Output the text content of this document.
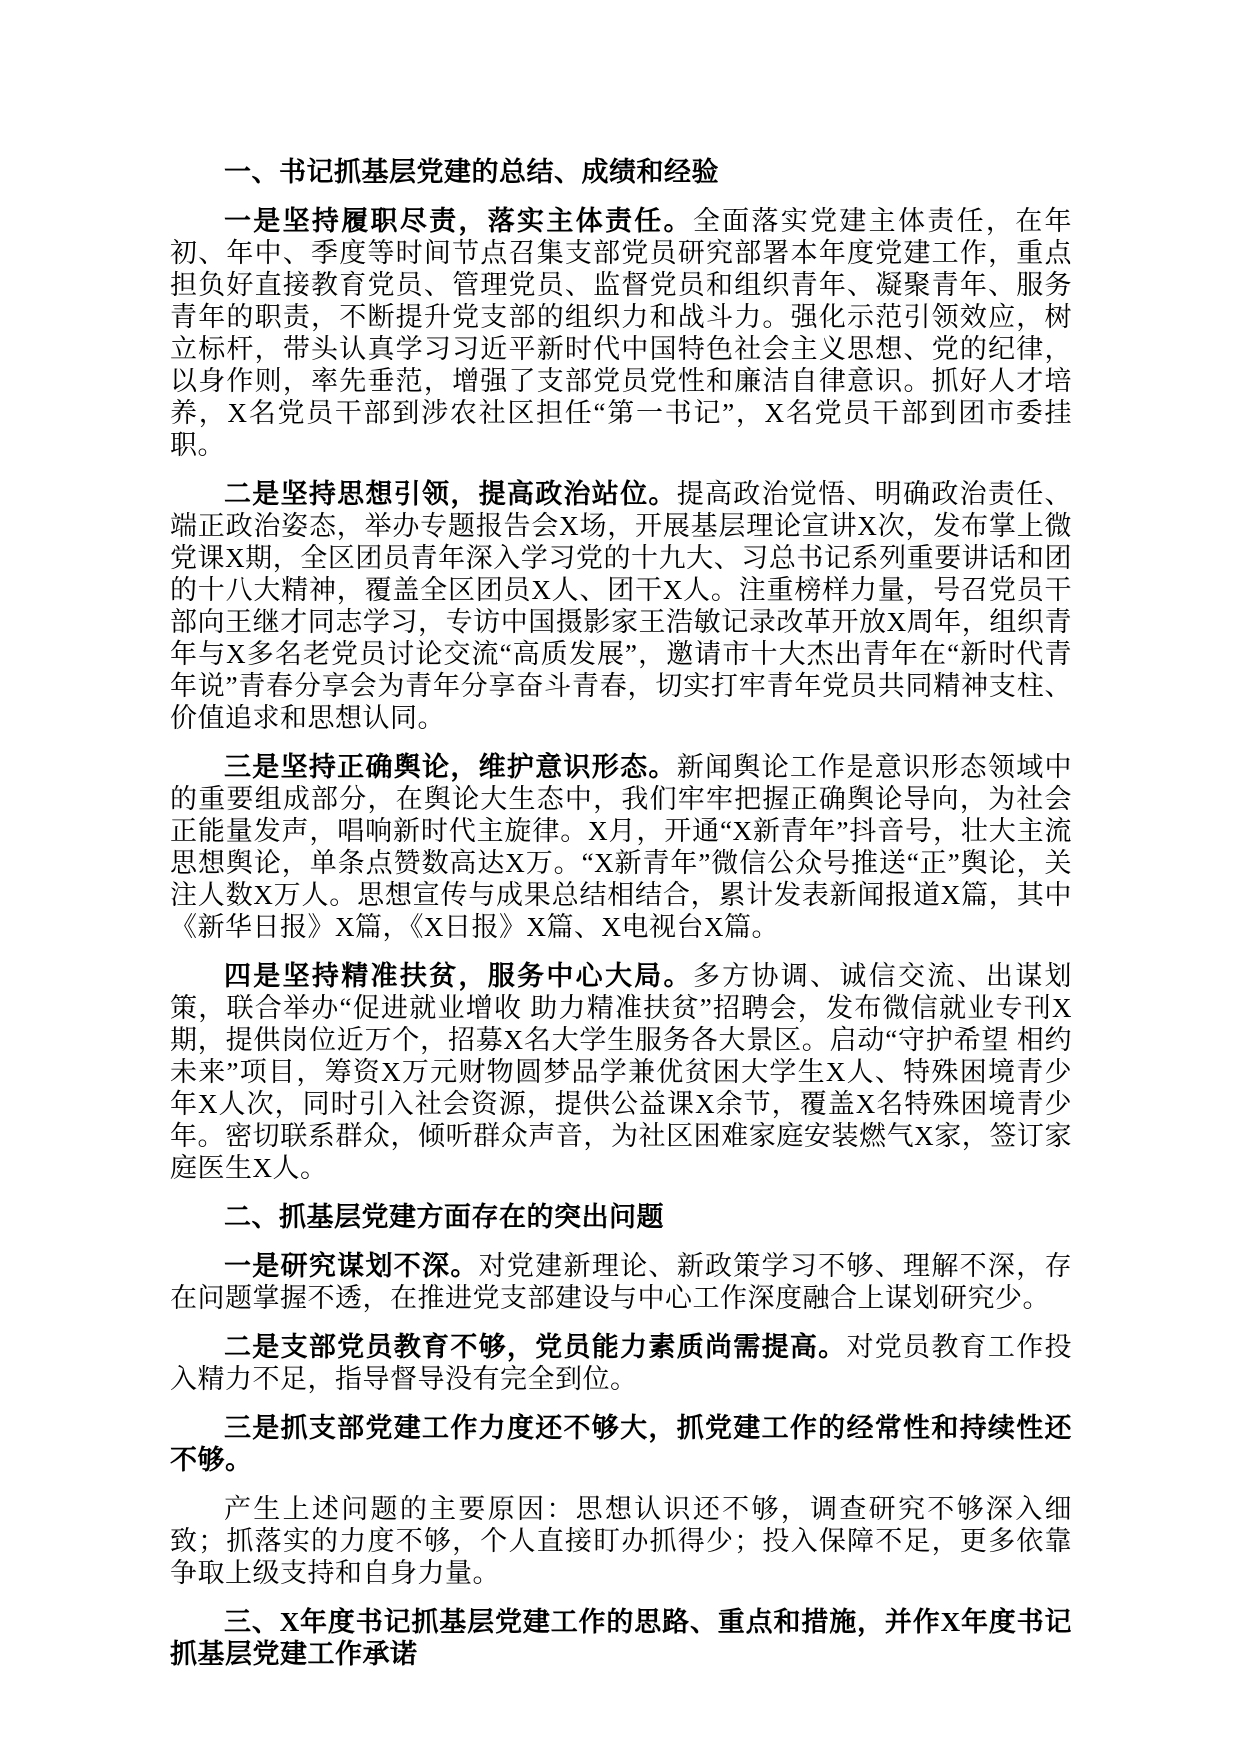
一、书记抓基层党建的总结、成绩和经验

一是坚持履职尽责，落实主体责任。全面落实党建主体责任，在年初、年中、季度等时间节点召集支部党员研究部署本年度党建工作，重点担负好直接教育党员、管理党员、监督党员和组织青年、凝聚青年、服务青年的职责，不断提升党支部的组织力和战斗力。强化示范引领效应，树立标杆，带头认真学习习近平新时代中国特色社会主义思想、党的纪律，以身作则，率先垂范，增强了支部党员党性和廉洁自律意识。抓好人才培养，X名党员干部到涉农社区担任“第一书记”，X名党员干部到团市委挂职。

二是坚持思想引领，提高政治站位。提高政治觉悟、明确政治责任、端正政治姿态，举办专题报告会X场，开展基层理论宣讲X次，发布掌上微党课X期，全区团员青年深入学习党的十九大、习总书记系列重要讲话和团的十八大精神，覆盖全区团员X人、团干X人。注重榜样力量，号召党员干部向王继才同志学习，专访中国摄影家王浩敏记录改革开放X周年，组织青年与X多名老党员讨论交流“高质发展”，邀请市十大杰出青年在“新时代青年说”青春分享会为青年分享奋斗青春，切实打牢青年党员共同精神支柱、价值追求和思想认同。

三是坚持正确舆论，维护意识形态。新闻舆论工作是意识形态领域中的重要组成部分，在舆论大生态中，我们牢牢把握正确舆论导向，为社会正能量发声，唱响新时代主旋律。X月，开通“X新青年”抖音号，壮大主流思想舆论，单条点赞数高达X万。“X新青年”微信公众号推送“正”舆论，关注人数X万人。思想宣传与成果总结相结合，累计发表新闻报道X篇，其中《新华日报》X篇，《X日报》X篇、X电视台X篇。

四是坚持精准扶贫，服务中心大局。多方协调、诚信交流、出谋划策，联合举办“促进就业增收 助力精准扶贫”招聘会，发布微信就业专刊X期，提供岗位近万个，招募X名大学生服务各大景区。启动“守护希望 相约未来”项目，筹资X万元财物圆梦品学兼优贫困大学生X人、特殊困境青少年X人次，同时引入社会资源，提供公益课X余节，覆盖X名特殊困境青少年。密切联系群众，倾听群众声音，为社区困难家庭安装燃气X家，签订家庭医生X人。

二、抓基层党建方面存在的突出问题

一是研究谋划不深。对党建新理论、新政策学习不够、理解不深，存在问题掌握不透，在推进党支部建设与中心工作深度融合上谋划研究少。

二是支部党员教育不够，党员能力素质尚需提高。对党员教育工作投入精力不足，指导督导没有完全到位。

三是抓支部党建工作力度还不够大，抓党建工作的经常性和持续性还不够。

产生上述问题的主要原因：思想认识还不够，调查研究不够深入细致；抓落实的力度不够，个人直接盯办抓得少；投入保障不足，更多依靠争取上级支持和自身力量。

三、X年度书记抓基层党建工作的思路、重点和措施，并作X年度书记抓基层党建工作承诺
